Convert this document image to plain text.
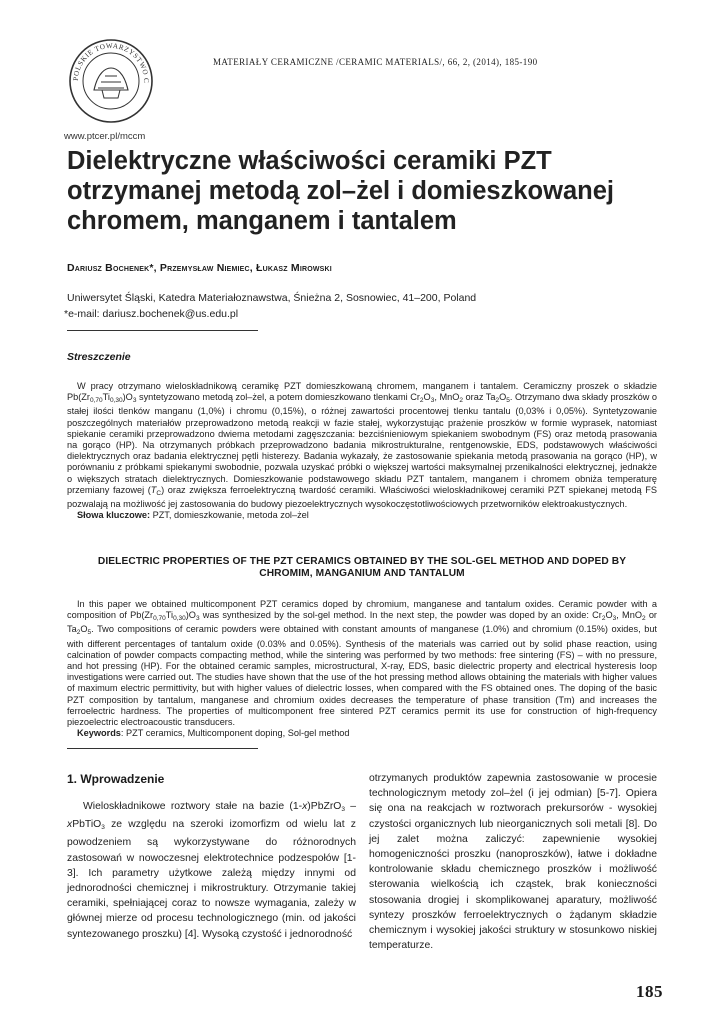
POLSKIE TOWARZYSTWO C
www.ptcer.pl/mccm
MATERIAŁY CERAMICZNE /CERAMIC MATERIALS/, 66, 2, (2014), 185-190
Dielektryczne właściwości ceramiki PZT otrzymanej metodą zol–żel i domieszkowanej chromem, manganem i tantalem
Dariusz Bochenek*, Przemysław Niemiec, Łukasz Mirowski
Uniwersytet Śląski, Katedra Materiałoznawstwa, Śnieżna 2, Sosnowiec, 41–200, Poland
*e-mail: dariusz.bochenek@us.edu.pl
Streszczenie

W pracy otrzymano wieloskładnikową ceramikę PZT domieszkowaną chromem, manganem i tantalem. Ceramiczny proszek o składzie $Pb(Zr_{0,70}Ti_{0,30})O_3$ syntetyzowano metodą zol–żel, a potem domieszkowano tlenkami $Cr_2O_3$, MnO$_2$ oraz $Ta_2O_5$. Otrzymano dwa składy proszków o stałej ilości tlenków manganu (1,0%) i chromu (0,15%), o różnej zawartości procentowej tlenku tantalu (0,03% i 0,05%). Syntetyzowanie poszczególnych materiałów przeprowadzono metodą reakcji w fazie stałej, wykorzystując prażenie proszków w formie wyprasek, natomiast spiekanie ceramiki przeprowadzono dwiema metodami zagęszczania: bezciśnieniowym spiekaniem swobodnym (FS) oraz metodą prasowania na gorąco (HP). Na otrzymanych próbkach przeprowadzono badania mikrostrukturalne, rentgenowskie, EDS, podstawowych właściwości dielektrycznych oraz badania elektrycznej pętli histerezy. Badania wykazały, że zastosowanie spiekania metodą prasowania na gorąco (HP), w porównaniu z próbkami spiekanymi swobodnie, pozwala uzyskać próbki o większej wartości maksymalnej przenikalności elektrycznej, jednakże o większych stratach dielektrycznych. Domieszkowanie podstawowego składu PZT tantalem, manganem i chromem obniża temperaturę przemiany fazowej $(T_C)$ oraz zwiększa ferroelektryczną twardość ceramiki. Właściwości wieloskładnikowej ceramiki PZT spiekanej metodą FS pozwalają na możliwość jej zastosowania do budowy piezoelektrycznych wysokoczęstotliwościowych przetworników elektroakustycznych.

Słowa kluczowe: PZT, domieszkowanie, metoda zol–żel

DIELECTRIC PROPERTIES OF THE PZT CERAMICS OBTAINED BY THE SOL-GEL METHOD AND DOPED BY CHROMIM, MANGANIUM AND TANTALUM

In this paper we obtained multicomponent PZT ceramics doped by chromium, manganese and tantalum oxides. Ceramic powder with a composition of $Pb(Zr_{0,70}Ti_{0,30})O_3$ was synthesized by the sol-gel method. In the next step, the powder was doped by an oxide: $Cr_2O_3$, MnO$_2$ or $Ta_2O_5$. Two compositions of ceramic powders were obtained with constant amounts of manganese (1.0%) and chromium (0.15%) oxides, but with different percentages of tantalum oxide (0.03% and 0.05%). Synthesis of the materials was carried out by solid phase reaction, using calcination of powder compacts compacting method, while the sintering was performed by two methods: free sintering (FS) – with no pressure, and hot pressing (HP). For the obtained ceramic samples, microstructural, X-ray, EDS, basic dielectric property and electrical hysteresis loop investigations were carried out. The studies have shown that the use of the hot pressing method allows obtaining the materials with higher values of maximum electric permittivity, but with higher values of dielectric losses, when compared with the FS obtained ones. The doping of the basic PZT composition by tantalum, manganese and chromium oxides decreases the temperature of phase transition (Tm) and increases the ferroelectric hardness. The properties of multicomponent free sintered PZT ceramics permit its use for construction of high-frequency piezoelectric electroacoustic transducers.

Keywords: PZT ceramics, Multicomponent doping, Sol-gel method

1. Wprowadzenie

Wieloskładnikowe roztwory stałe na bazie (1-x)PbZrO$_3$ – xPbTiO$_3$ ze względu na szeroki izomorfizm od wielu lat z powodzeniem są wykorzystywane do różnorodnych zastosowań w nowoczesnej elektrotechnice podzespołów [1-3]. Ich parametry użytkowe zależą między innymi od jednorodności chemicznej i mikrostruktury. Otrzymanie takiej ceramiki, spełniającej coraz to nowsze wymagania, zależy w głównej mierze od procesu technologicznego (min. od jakości syntezowanego proszku) [4]. Wysoką czystość i jednorodność

otrzymanych produktów zapewnia zastosowanie w procesie technologicznym metody zol–żel (i jej odmian) [5-7]. Opiera się ona na reakcjach w roztworach prekursorów - wysokiej czystości organicznych lub nieorganicznych soli metali [8]. Do jej zalet można zaliczyć: zapewnienie wysokiej homogeniczności proszku (nanoproszków), łatwe i dokładne kontrolowanie składu chemicznego proszków i możliwość sterowania wielkością ich cząstek, brak konieczności stosowania drogiej i skomplikowanej aparatury, możliwość syntezy proszków ferroelektrycznych o żądanym składzie chemicznym i wysokiej jakości struktury w stosunkowo niskiej temperaturze.

185
